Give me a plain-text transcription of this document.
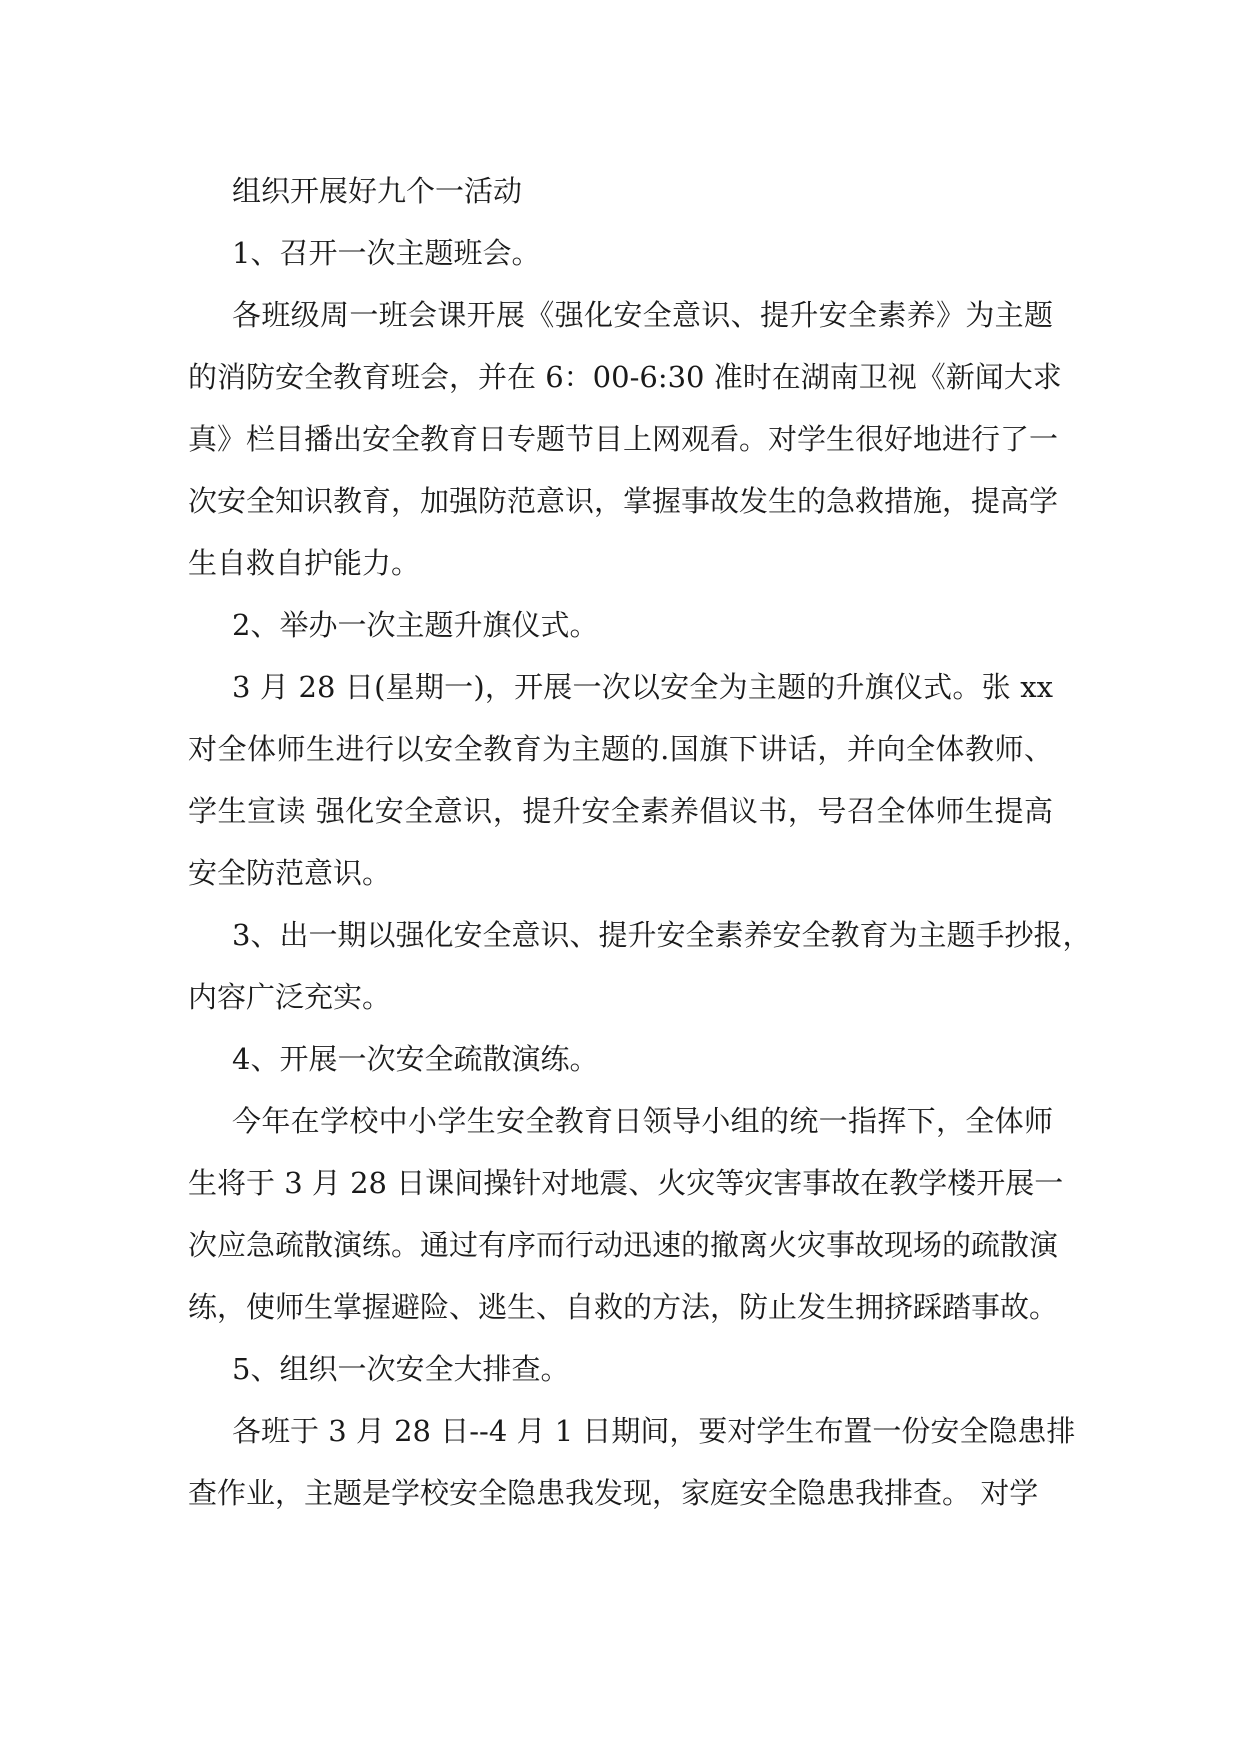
组织开展好九个一活动
1、召开一次主题班会。
各班级周一班会课开展《强化安全意识、提升安全素养》为主题
的消防安全教育班会，并在 6：00-6:30 准时在湖南卫视《新闻大求
真》栏目播出安全教育日专题节目上网观看。对学生很好地进行了一
次安全知识教育，加强防范意识，掌握事故发生的急救措施，提高学
生自救自护能力。
2、举办一次主题升旗仪式。
3 月 28 日(星期一)，开展一次以安全为主题的升旗仪式。张 xx
对全体师生进行以安全教育为主题的.国旗下讲话，并向全体教师、
学生宣读 强化安全意识，提升安全素养倡议书，号召全体师生提高
安全防范意识。
3、出一期以强化安全意识、提升安全素养安全教育为主题手抄报，
内容广泛充实。
4、开展一次安全疏散演练。
今年在学校中小学生安全教育日领导小组的统一指挥下，全体师
生将于 3 月 28 日课间操针对地震、火灾等灾害事故在教学楼开展一
次应急疏散演练。通过有序而行动迅速的撤离火灾事故现场的疏散演
练，使师生掌握避险、逃生、自救的方法，防止发生拥挤踩踏事故。
5、组织一次安全大排查。
各班于 3 月 28 日--4 月 1 日期间，要对学生布置一份安全隐患排
查作业，主题是学校安全隐患我发现，家庭安全隐患我排查。 对学
